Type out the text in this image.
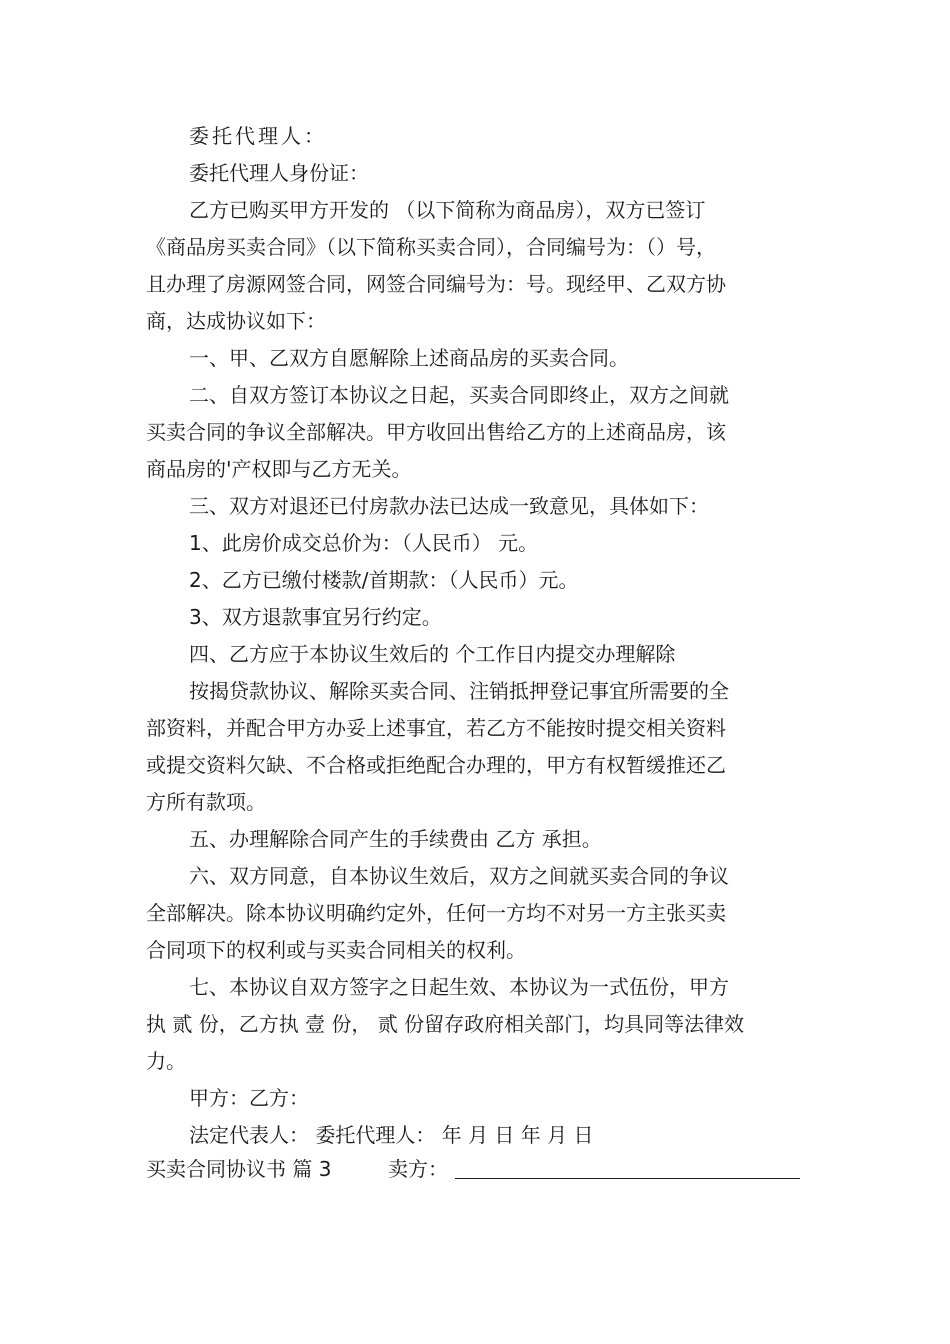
委托代理人：
委托代理人身份证：
乙方已购买甲方开发的 （以下简称为商品房），双方已签订
《商品房买卖合同》（以下简称买卖合同），合同编号为：（）号，
且办理了房源网签合同，网签合同编号为：号。现经甲、乙双方协
商，达成协议如下：
一、甲、乙双方自愿解除上述商品房的买卖合同。
二、自双方签订本协议之日起，买卖合同即终止，双方之间就
买卖合同的争议全部解决。甲方收回出售给乙方的上述商品房，该
商品房的'产权即与乙方无关。
三、双方对退还已付房款办法已达成一致意见，具体如下：
1、此房价成交总价为：（人民币） 元。
2、乙方已缴付楼款/首期款：（人民币）元。
3、双方退款事宜另行约定。
四、乙方应于本协议生效后的 个工作日内提交办理解除
按揭贷款协议、解除买卖合同、注销抵押登记事宜所需要的全
部资料，并配合甲方办妥上述事宜，若乙方不能按时提交相关资料
或提交资料欠缺、不合格或拒绝配合办理的，甲方有权暂缓推还乙
方所有款项。
五、办理解除合同产生的手续费由 乙方 承担。
六、双方同意，自本协议生效后，双方之间就买卖合同的争议
全部解决。除本协议明确约定外，任何一方均不对另一方主张买卖
合同项下的权利或与买卖合同相关的权利。
七、本协议自双方签字之日起生效、本协议为一式伍份，甲方
执 贰 份，乙方执 壹 份， 贰 份留存政府相关部门，均具同等法律效
力。
甲方：乙方：
法定代表人： 委托代理人： 年 月 日 年 月 日
买卖合同协议书 篇 3	卖方：
